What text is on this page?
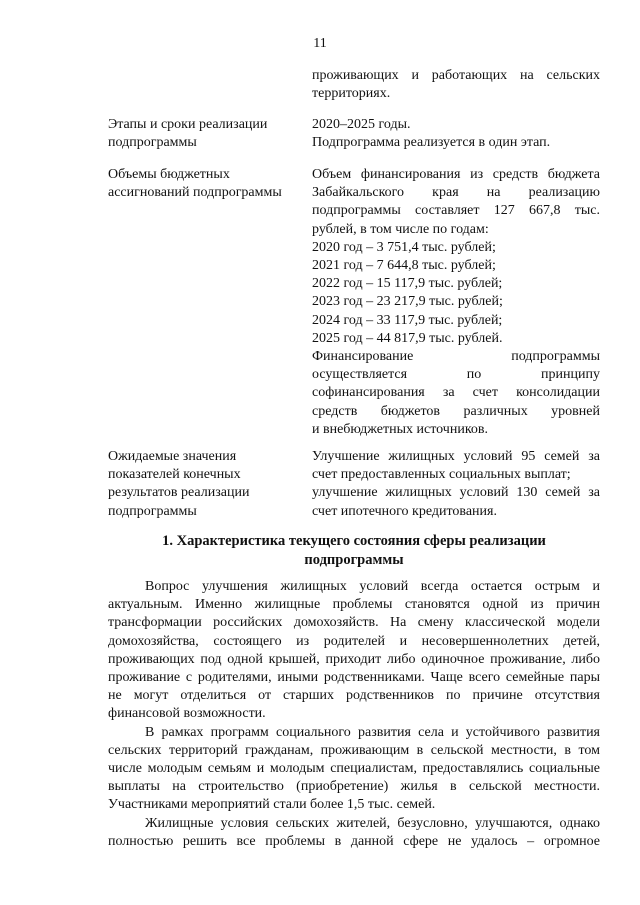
11
проживающих и работающих на сельских
территориях.
Этапы и сроки реализации
подпрограммы
2020–2025 годы.
Подпрограмма реализуется в один этап.
Объемы бюджетных
ассигнований подпрограммы
Объем финансирования из средств бюджета
Забайкальского края на реализацию
подпрограммы составляет 127 667,8 тыс.
рублей, в том числе по годам:
2020 год – 3 751,4 тыс. рублей;
2021 год – 7 644,8 тыс. рублей;
2022 год – 15 117,9 тыс. рублей;
2023 год – 23 217,9 тыс. рублей;
2024 год – 33 117,9 тыс. рублей;
2025 год – 44 817,9 тыс. рублей.
Финансирование подпрограммы
осуществляется по принципу
софинансирования за счет консолидации
средств бюджетов различных уровней
и внебюджетных источников.
Ожидаемые значения
показателей конечных
результатов реализации
подпрограммы
Улучшение жилищных условий 95 семей за
счет предоставленных социальных выплат;
улучшение жилищных условий 130 семей за
счет ипотечного кредитования.
1. Характеристика текущего состояния сферы реализации
подпрограммы
Вопрос улучшения жилищных условий всегда остается острым и
актуальным. Именно жилищные проблемы становятся одной из причин
трансформации российских домохозяйств. На смену классической модели
домохозяйства, состоящего из родителей и несовершеннолетних детей,
проживающих под одной крышей, приходит либо одиночное проживание, либо
проживание с родителями, иными родственниками. Чаще всего семейные пары
не могут отделиться от старших родственников по причине отсутствия
финансовой возможности.
В рамках программ социального развития села и устойчивого развития
сельских территорий гражданам, проживающим в сельской местности, в том
числе молодым семьям и молодым специалистам, предоставлялись социальные
выплаты на строительство (приобретение) жилья в сельской местности.
Участниками мероприятий стали более 1,5 тыс. семей.
Жилищные условия сельских жителей, безусловно, улучшаются, однако
полностью решить все проблемы в данной сфере не удалось – огромное
